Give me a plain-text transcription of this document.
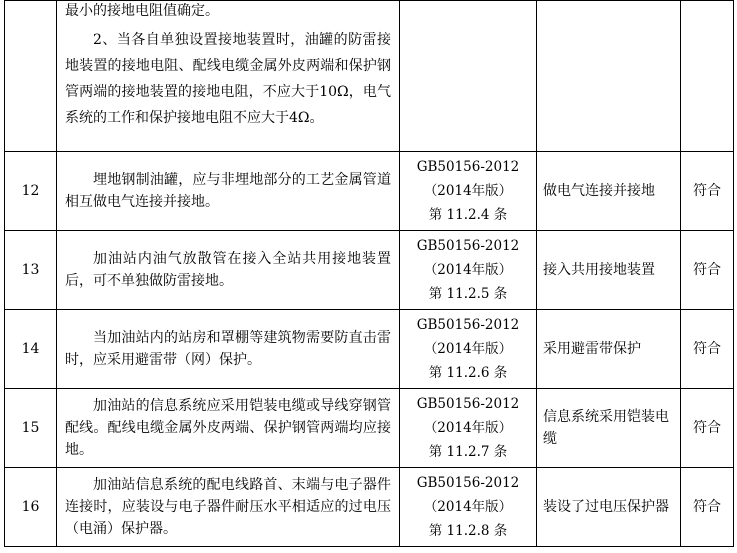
	最小的接地电阻值确定。

2、当各自单独设置接地装置时，油罐的防雷接地装置的接地电阻、配线电缆金属外皮两端和保护钢管两端的接地装置的接地电阻，不应大于10Ω，电气系统的工作和保护接地电阻不应大于4Ω。			

12	埋地钢制油罐，应与非埋地部分的工艺金属管道相互做电气连接并接地。	GB50156-2012
（2014年版）
第 11.2.4 条	做电气连接并接地	符合
13	加油站内油气放散管在接入全站共用接地装置后，可不单独做防雷接地。	GB50156-2012
（2014年版）
第 11.2.5 条	接入共用接地装置	符合
14	当加油站内的站房和罩棚等建筑物需要防直击雷时，应采用避雷带（网）保护。	GB50156-2012
（2014年版）
第 11.2.6 条	采用避雷带保护	符合
15	加油站的信息系统应采用铠装电缆或导线穿钢管配线。配线电缆金属外皮两端、保护钢管两端均应接地。	GB50156-2012
（2014年版）
第 11.2.7 条	信息系统采用铠装电缆	符合
16	加油站信息系统的配电线路首、末端与电子器件连接时，应装设与电子器件耐压水平相适应的过电压（电涌）保护器。	GB50156-2012
（2014年版）
第 11.2.8 条	装设了过电压保护器	符合
